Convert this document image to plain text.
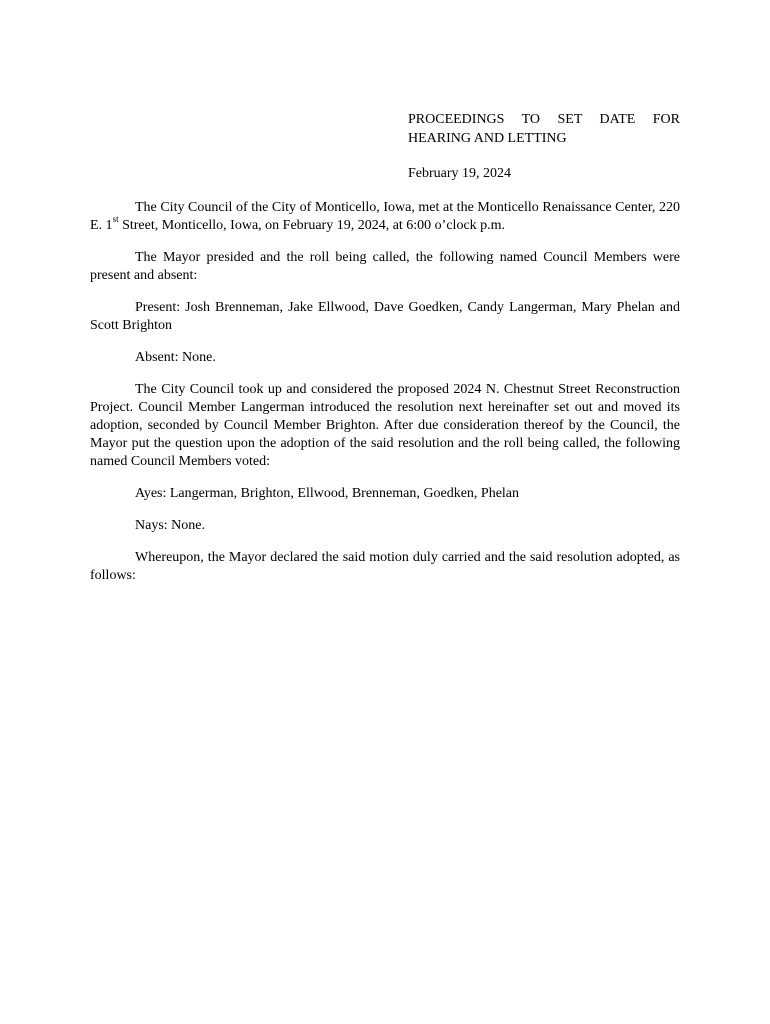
PROCEEDINGS TO SET DATE FOR
HEARING AND LETTING
February 19, 2024

The City Council of the City of Monticello, Iowa, met at the Monticello Renaissance Center, 220 E. 1st Street, Monticello, Iowa, on February 19, 2024, at 6:00 o’clock p.m.

The Mayor presided and the roll being called, the following named Council Members were present and absent:

Present: Josh Brenneman, Jake Ellwood, Dave Goedken, Candy Langerman, Mary Phelan and Scott Brighton

Absent: None.

The City Council took up and considered the proposed 2024 N. Chestnut Street Reconstruction Project. Council Member Langerman introduced the resolution next hereinafter set out and moved its adoption, seconded by Council Member Brighton. After due consideration thereof by the Council, the Mayor put the question upon the adoption of the said resolution and the roll being called, the following named Council Members voted:

Ayes: Langerman, Brighton, Ellwood, Brenneman, Goedken, Phelan

Nays: None.

Whereupon, the Mayor declared the said motion duly carried and the said resolution adopted, as follows:
